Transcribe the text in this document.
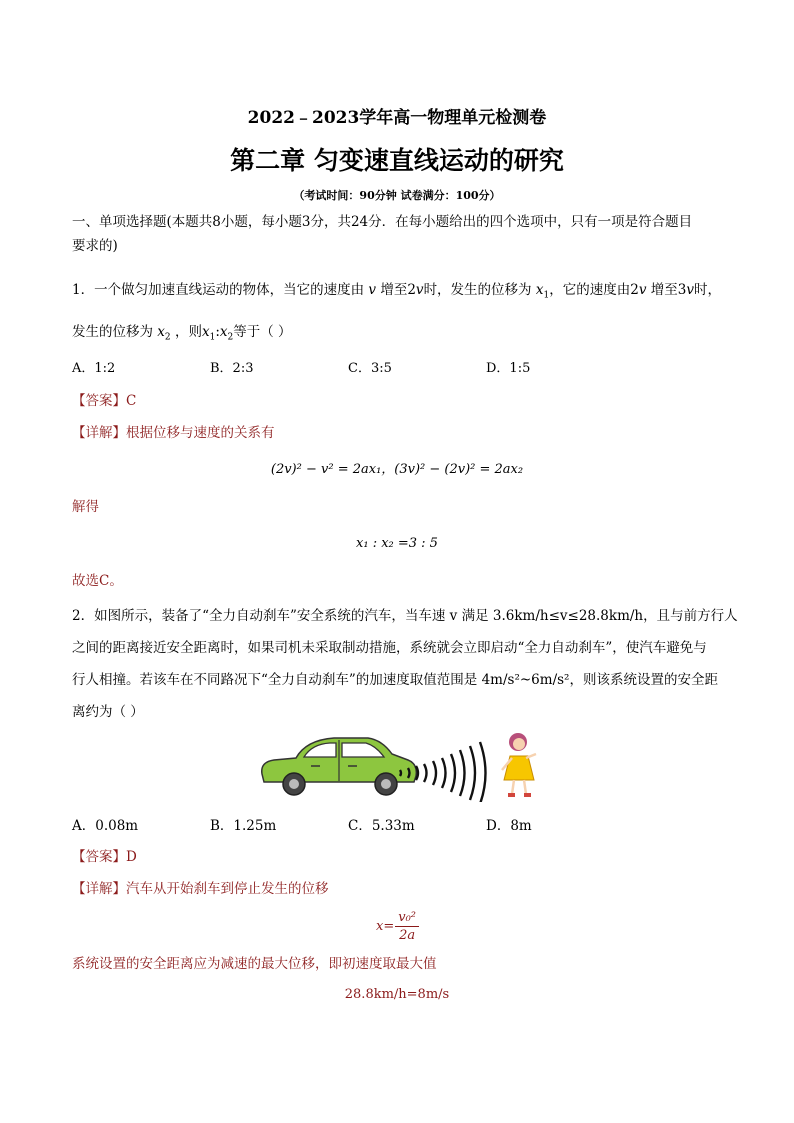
2022﹣2023学年高一物理单元检测卷
第二章 匀变速直线运动的研究
（考试时间：90分钟 试卷满分：100分）
一、单项选择题(本题共8小题，每小题3分，共24分．在每小题给出的四个选项中，只有一项是符合题目
要求的)
1．一个做匀加速直线运动的物体，当它的速度由 v 增至2v时，发生的位移为 $x_1$，它的速度由2v 增至3v时，
发生的位移为 $x_2$ ，则$x_1:x_2$等于（ ）
A．1:2	B．2:3	C．3:5	D．1:5
【答案】C
【详解】根据位移与速度的关系有
(2v)² − v² = 2ax₁，(3v)² − (2v)² = 2ax₂
解得
x₁ : x₂ =3 : 5
故选C。
2．如图所示，装备了“全力自动刹车”安全系统的汽车，当车速 v 满足 3.6km/h≤v≤28.8km/h，且与前方行人
之间的距离接近安全距离时，如果司机未采取制动措施，系统就会立即启动“全力自动刹车”，使汽车避免与
行人相撞。若该车在不同路况下“全力自动刹车”的加速度取值范围是 4m/s²~6m/s²，则该系统设置的安全距
离约为（ ）
A．0.08m	B．1.25m	C．5.33m	D．8m
【答案】D
【详解】汽车从开始刹车到停止发生的位移
$x= \frac{\text{v₀²}}{2a}$
系统设置的安全距离应为减速的最大位移，即初速度取最大值
28.8km/h=8m/s
